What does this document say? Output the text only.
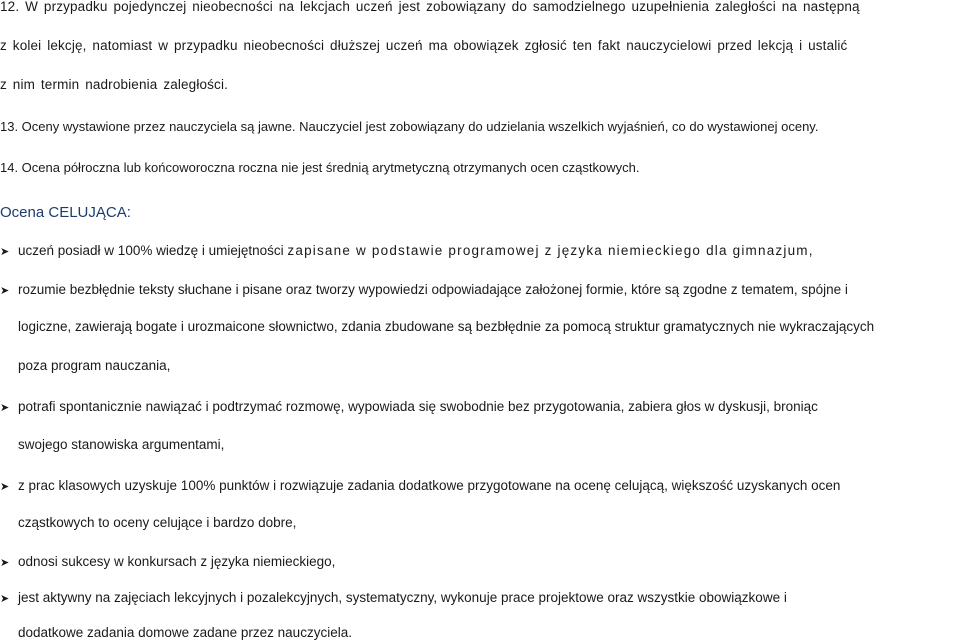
12. W przypadku pojedynczej nieobecności na lekcjach uczeń jest zobowiązany do samodzielnego uzupełnienia zaległości na następną
z kolei lekcję, natomiast w przypadku nieobecności dłuższej uczeń ma obowiązek zgłosić ten fakt nauczycielowi przed lekcją i ustalić
z nim termin nadrobienia zaległości.
13. Oceny wystawione przez nauczyciela są jawne. Nauczyciel jest zobowiązany do udzielania wszelkich wyjaśnień, co do wystawionej oceny.
14. Ocena półroczna lub końcoworoczna roczna nie jest średnią arytmetyczną otrzymanych ocen cząstkowych.
Ocena CELUJĄCA:
➤ uczeń posiadł w 100% wiedzę i umiejętności zapisane w podstawie programowej z języka niemieckiego dla gimnazjum,
➤ rozumie bezbłędnie teksty słuchane i pisane oraz tworzy wypowiedzi odpowiadające założonej formie, które są zgodne z tematem, spójne i
logiczne, zawierają bogate i urozmaicone słownictwo, zdania zbudowane są bezbłędnie za pomocą struktur gramatycznych nie wykraczających
poza program nauczania,
➤ potrafi spontanicznie nawiązać i podtrzymać rozmowę, wypowiada się swobodnie bez przygotowania, zabiera głos w dyskusji, broniąc
swojego stanowiska argumentami,
➤ z prac klasowych uzyskuje 100% punktów i rozwiązuje zadania dodatkowe przygotowane na ocenę celującą, większość uzyskanych ocen
cząstkowych to oceny celujące i bardzo dobre,
➤ odnosi sukcesy w konkursach z języka niemieckiego,
➤ jest aktywny na zajęciach lekcyjnych i pozalekcyjnych, systematyczny, wykonuje prace projektowe oraz wszystkie obowiązkowe i
dodatkowe zadania domowe zadane przez nauczyciela.
